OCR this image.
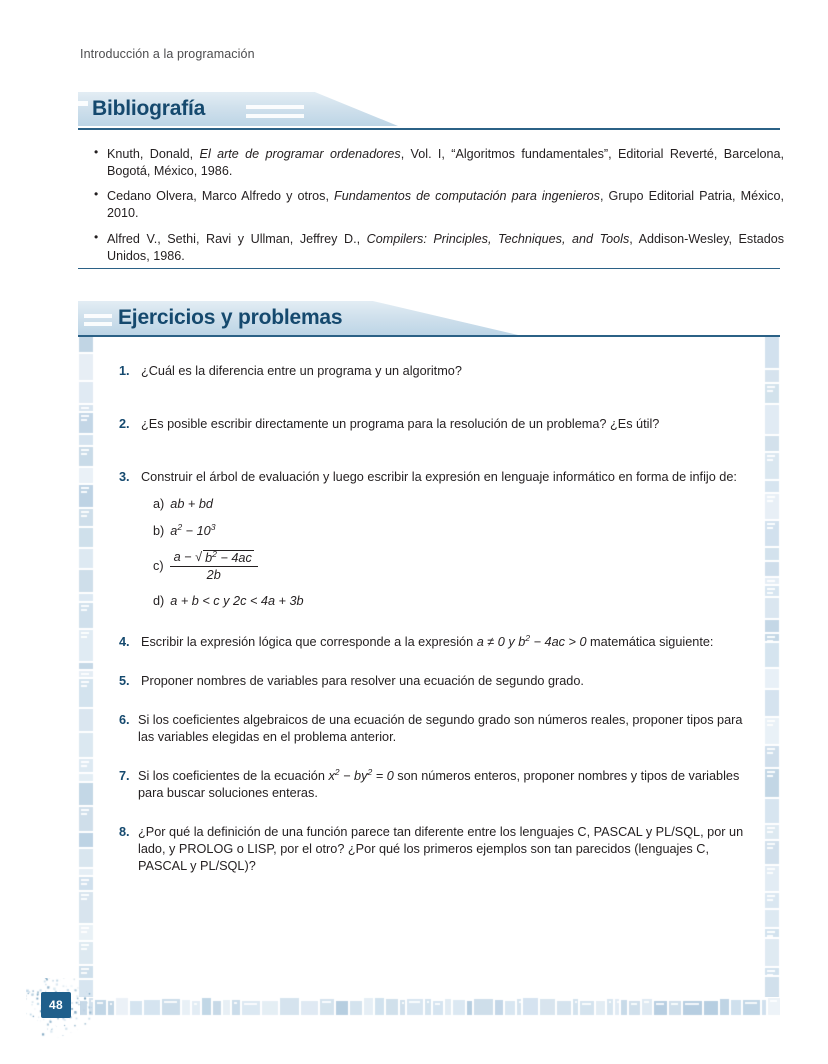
Introducción a la programación
Bibliografía
• Knuth, Donald, El arte de programar ordenadores, Vol. I, “Algoritmos fundamentales”, Editorial Reverté, Barcelona, Bogotá, México, 1986.
• Cedano Olvera, Marco Alfredo y otros, Fundamentos de computación para ingenieros, Grupo Editorial Patria, México, 2010.
• Alfred V., Sethi, Ravi y Ullman, Jeffrey D., Compilers: Principles, Techniques, and Tools, Addison-Wesley, Estados Unidos, 1986.
Ejercicios y problemas
1. ¿Cuál es la diferencia entre un programa y un algoritmo?
2. ¿Es posible escribir directamente un programa para la resolución de un problema? ¿Es útil?
3. Construir el árbol de evaluación y luego escribir la expresión en lenguaje informático en forma de infijo de:
a) ab + bd
b) $a^2 - 10^3$
$c) \frac{a - √ b^2 - 4ac}{2b}$
d) a + b < c y 2c < 4a + 3b
4. Escribir la expresión lógica que corresponde a la expresión a ≠ 0 y $b^2 - 4ac > 0$ matemática siguiente:
5. Proponer nombres de variables para resolver una ecuación de segundo grado.
6. Si los coeficientes algebraicos de una ecuación de segundo grado son números reales, proponer tipos para las variables elegidas en el problema anterior.
7. Si los coeficientes de la ecuación $x^2 - by^2 = 0$ son números enteros, proponer nombres y tipos de variables para buscar soluciones enteras.
8. ¿Por qué la definición de una función parece tan diferente entre los lenguajes C, PASCAL y PL/SQL, por un lado, y PROLOG o LISP, por el otro? ¿Por qué los primeros ejemplos son tan parecidos (lenguajes C, PASCAL y PL/SQL)?
48
